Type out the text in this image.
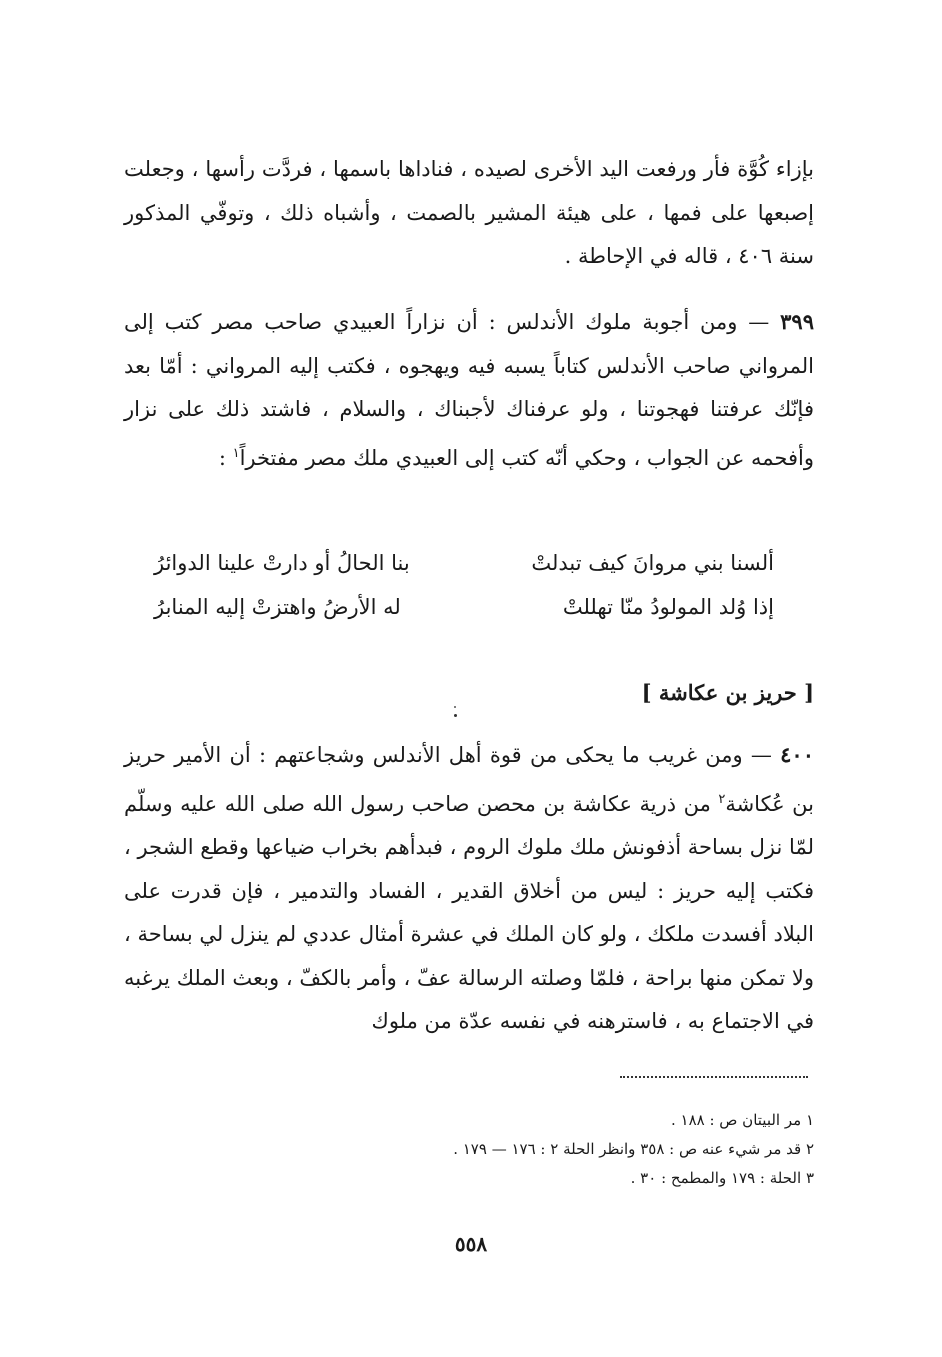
بإزاء كُوَّة فأر ورفعت اليد الأخرى لصيده ، فناداها باسمها ، فردَّت رأسها ، وجعلت إصبعها على فمها ، على هيئة المشير بالصمت ، وأشباه ذلك ، وتوفّي المذكور سنة ٤٠٦ ، قاله في الإحاطة .
٣٩٩ — ومن أجوبة ملوك الأندلس : أن نزاراً العبيدي صاحب مصر كتب إلى المرواني صاحب الأندلس كتاباً يسبه فيه ويهجوه ، فكتب إليه المرواني : أمّا بعد فإنّك عرفتنا فهجوتنا ، ولو عرفناك لأجبناك ، والسلام ، فاشتد ذلك على نزار وأفحمه عن الجواب ، وحكي أنّه كتب إلى العبيدي ملك مصر مفتخراً$^١$ :
ألسنا بني مروانَ كيف تبدلتْ
بنا الحالُ أو دارتْ علينا الدوائرُ
إذا وُلد المولودُ منّا تهللتْ
له الأرضُ واهتزتْ إليه المنابرُ
[ حريز بن عكاشة ]
٤٠٠ — ومن غريب ما يحكى من قوة أهل الأندلس وشجاعتهم : أن الأمير حريز بن عُكاشة$^٢$ من ذرية عكاشة بن محصن صاحب رسول الله صلى الله عليه وسلّم لمّا نزل بساحة أذفونش ملك ملوك الروم ، فبدأهم بخراب ضياعها وقطع الشجر ، فكتب إليه حريز : ليس من أخلاق القدير ، الفساد والتدمير ، فإن قدرت على البلاد أفسدت ملكك ، ولو كان الملك في عشرة أمثال عددي لم ينزل لي بساحة ، ولا تمكن منها براحة ، فلمّا وصلته الرسالة عفّ ، وأمر بالكفّ ، وبعث الملك يرغبه في الاجتماع به ، فاسترهنه في نفسه عدّة من ملوك
١ مر البيتان ص : ١٨٨ .
٢ قد مر شيء عنه ص : ٣٥٨ وانظر الحلة ٢ : ١٧٦ — ١٧٩ .
٣ الحلة : ١٧٩ والمطمح : ٣٠ .
٥٥٨
